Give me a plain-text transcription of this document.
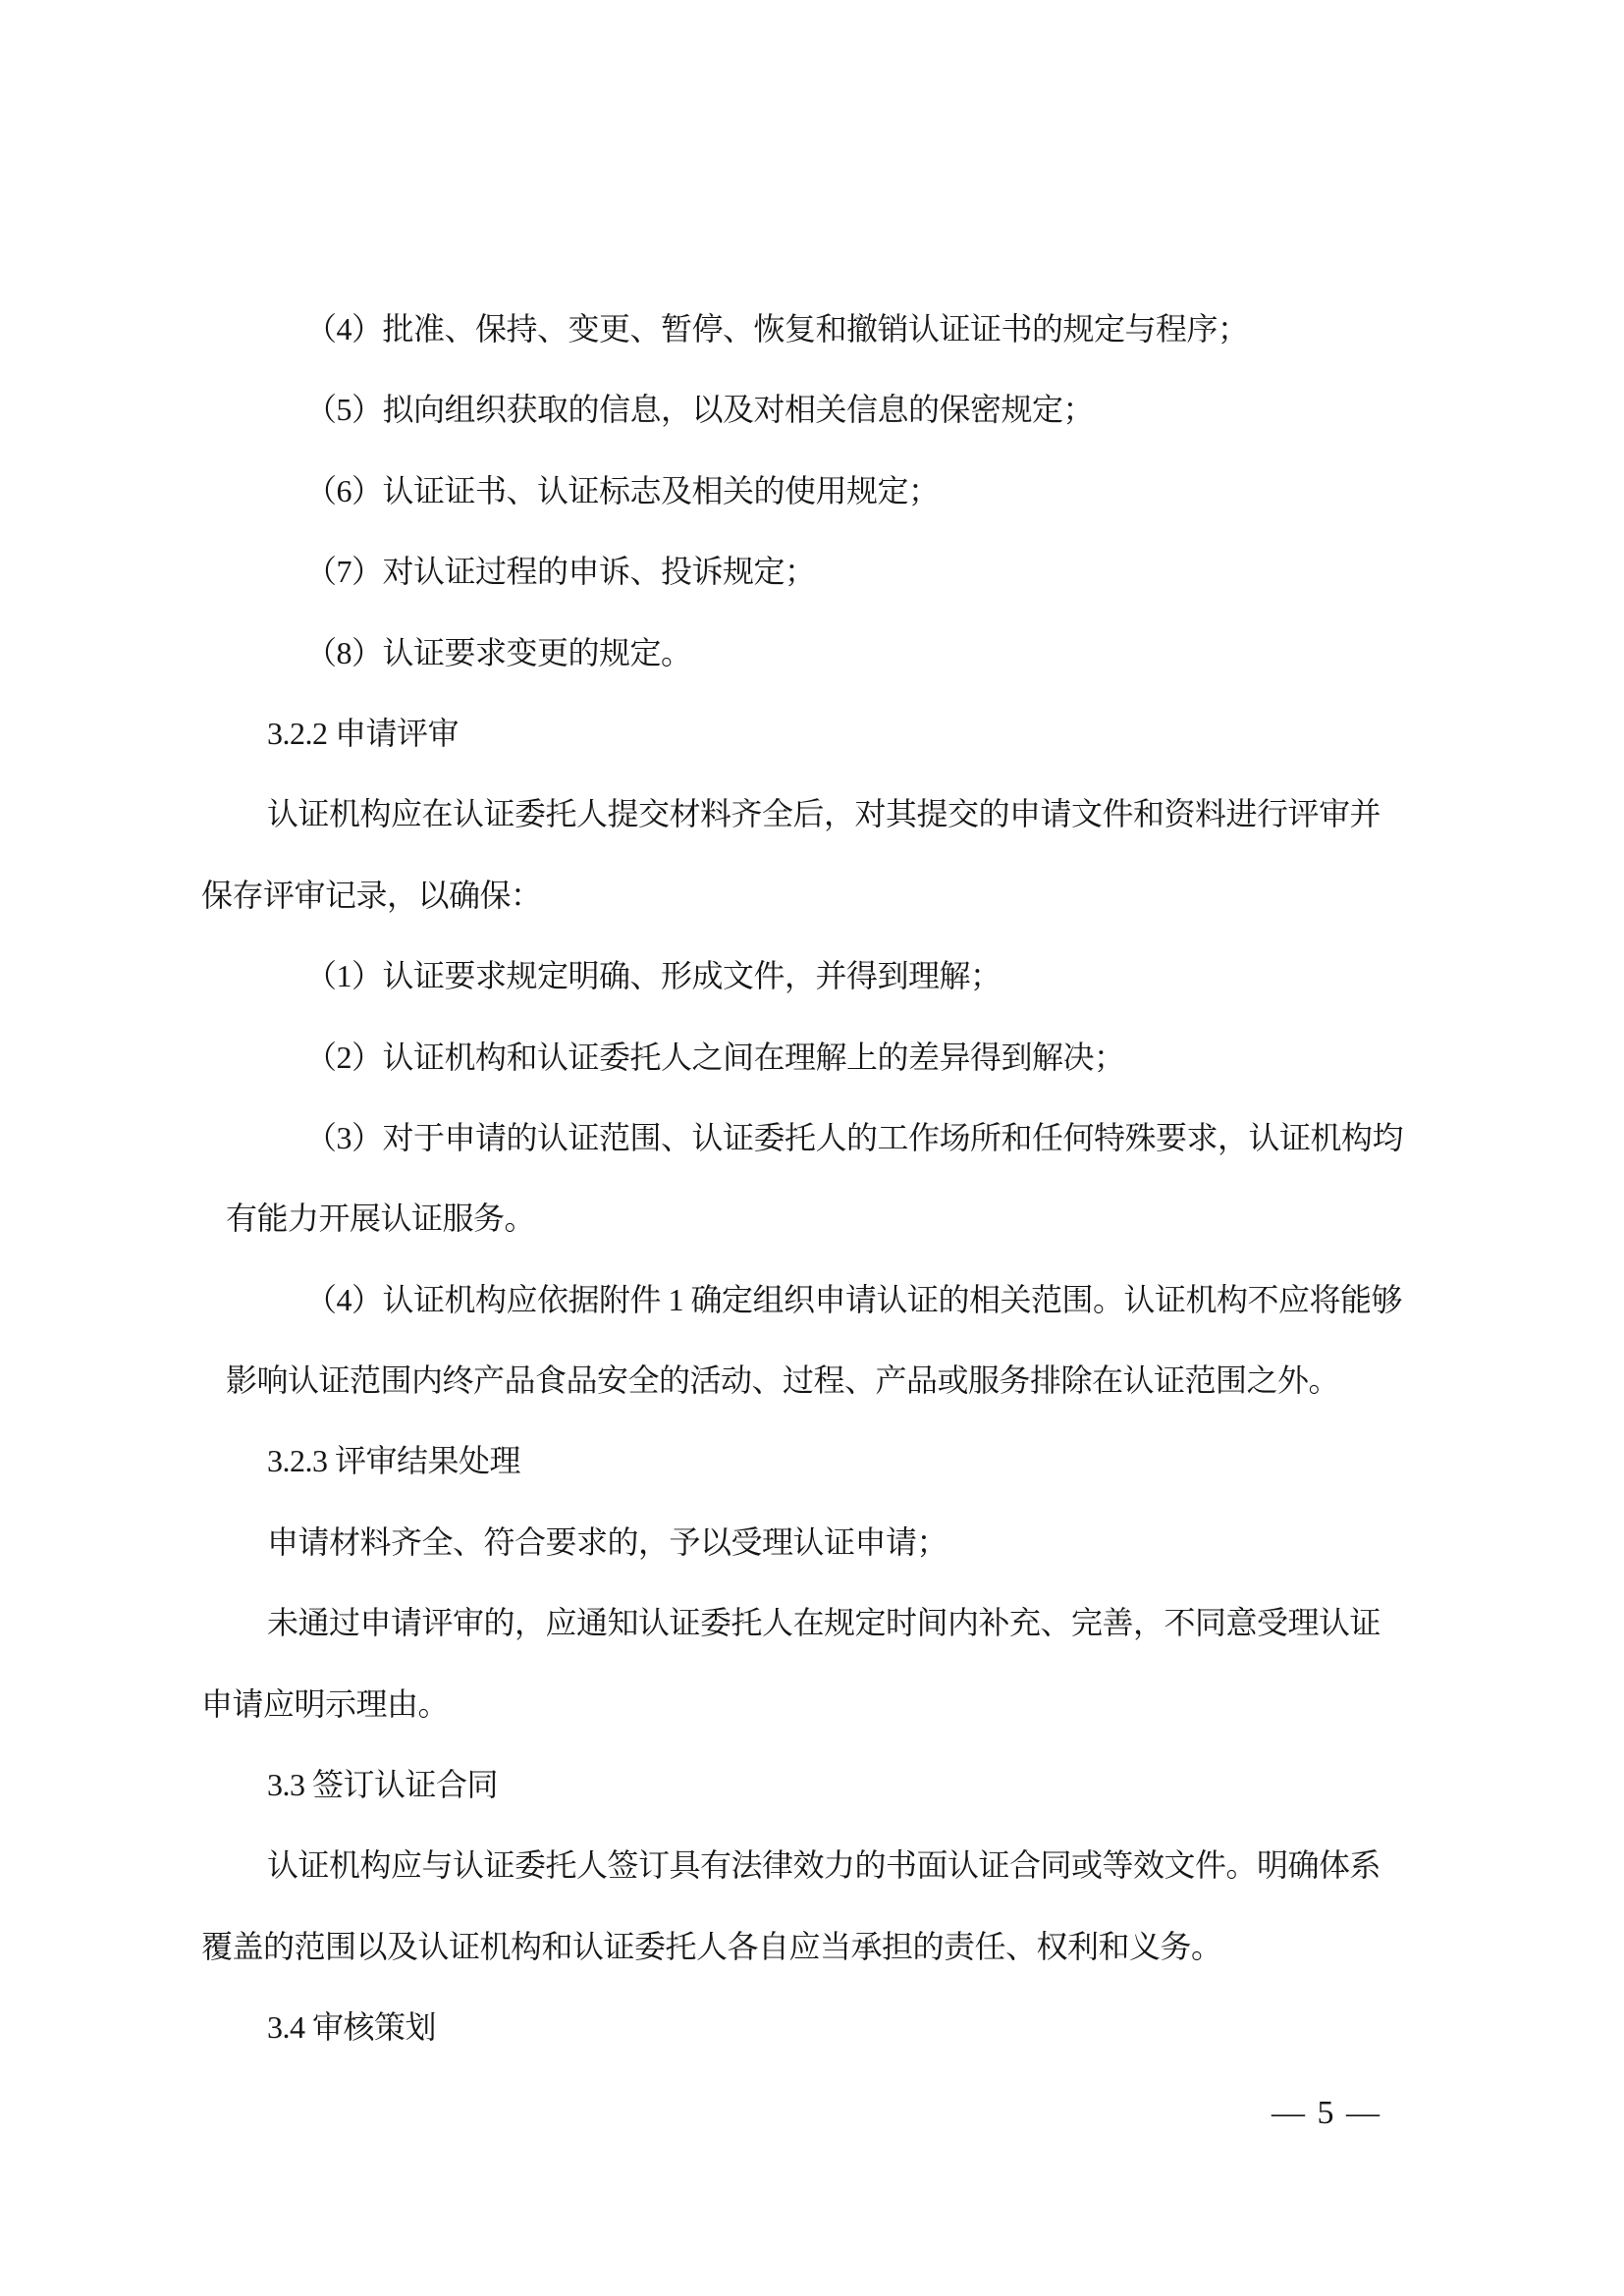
（4）批准、保持、变更、暂停、恢复和撤销认证证书的规定与程序；
（5）拟向组织获取的信息，以及对相关信息的保密规定；
（6）认证证书、认证标志及相关的使用规定；
（7）对认证过程的申诉、投诉规定；
（8）认证要求变更的规定。
3.2.2 申请评审
认证机构应在认证委托人提交材料齐全后，对其提交的申请文件和资料进行评审并
保存评审记录，以确保：
（1）认证要求规定明确、形成文件，并得到理解；
（2）认证机构和认证委托人之间在理解上的差异得到解决；
（3）对于申请的认证范围、认证委托人的工作场所和任何特殊要求，认证机构均
有能力开展认证服务。
（4）认证机构应依据附件 1 确定组织申请认证的相关范围。认证机构不应将能够
影响认证范围内终产品食品安全的活动、过程、产品或服务排除在认证范围之外。
3.2.3 评审结果处理
申请材料齐全、符合要求的，予以受理认证申请；
未通过申请评审的，应通知认证委托人在规定时间内补充、完善，不同意受理认证
申请应明示理由。
3.3 签订认证合同
认证机构应与认证委托人签订具有法律效力的书面认证合同或等效文件。明确体系
覆盖的范围以及认证机构和认证委托人各自应当承担的责任、权利和义务。
3.4 审核策划
— 5 —
